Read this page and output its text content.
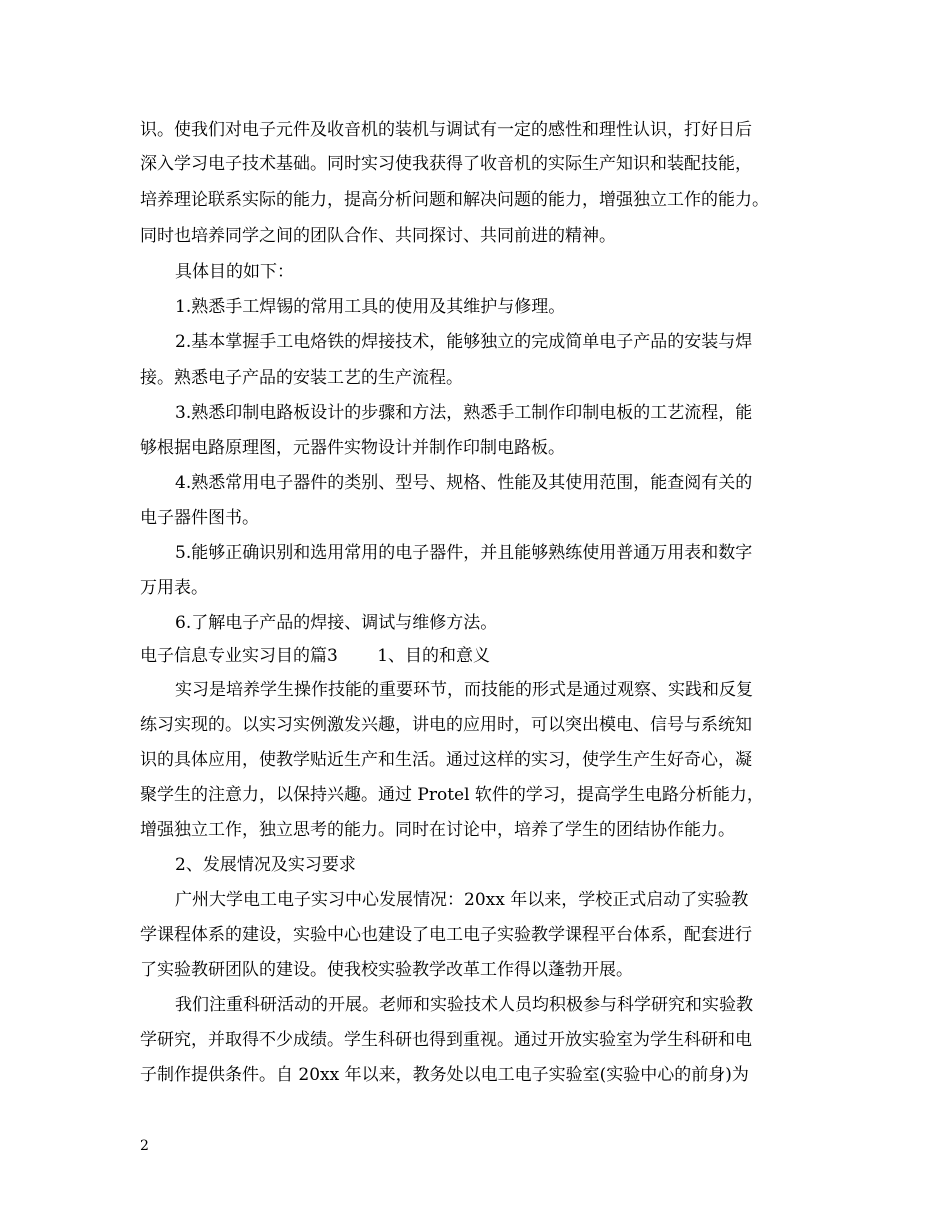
识。使我们对电子元件及收音机的装机与调试有一定的感性和理性认识，打好日后
深入学习电子技术基础。同时实习使我获得了收音机的实际生产知识和装配技能，
培养理论联系实际的能力，提高分析问题和解决问题的能力，增强独立工作的能力。
同时也培养同学之间的团队合作、共同探讨、共同前进的精神。
具体目的如下：
1.熟悉手工焊锡的常用工具的使用及其维护与修理。
2.基本掌握手工电烙铁的焊接技术，能够独立的完成简单电子产品的安装与焊
接。熟悉电子产品的安装工艺的生产流程。
3.熟悉印制电路板设计的步骤和方法，熟悉手工制作印制电板的工艺流程，能
够根据电路原理图，元器件实物设计并制作印制电路板。
4.熟悉常用电子器件的类别、型号、规格、性能及其使用范围，能查阅有关的
电子器件图书。
5.能够正确识别和选用常用的电子器件，并且能够熟练使用普通万用表和数字
万用表。
6.了解电子产品的焊接、调试与维修方法。
电子信息专业实习目的篇3　　 1、目的和意义
实习是培养学生操作技能的重要环节，而技能的形式是通过观察、实践和反复
练习实现的。以实习实例激发兴趣，讲电的应用时，可以突出模电、信号与系统知
识的具体应用，使教学贴近生产和生活。通过这样的实习，使学生产生好奇心，凝
聚学生的注意力，以保持兴趣。通过 Protel 软件的学习，提高学生电路分析能力，
增强独立工作，独立思考的能力。同时在讨论中，培养了学生的团结协作能力。
2、发展情况及实习要求
广州大学电工电子实习中心发展情况：20xx 年以来，学校正式启动了实验教
学课程体系的建设，实验中心也建设了电工电子实验教学课程平台体系，配套进行
了实验教研团队的建设。使我校实验教学改革工作得以蓬勃开展。
我们注重科研活动的开展。老师和实验技术人员均积极参与科学研究和实验教
学研究，并取得不少成绩。学生科研也得到重视。通过开放实验室为学生科研和电
子制作提供条件。自 20xx 年以来，教务处以电工电子实验室(实验中心的前身)为
2
